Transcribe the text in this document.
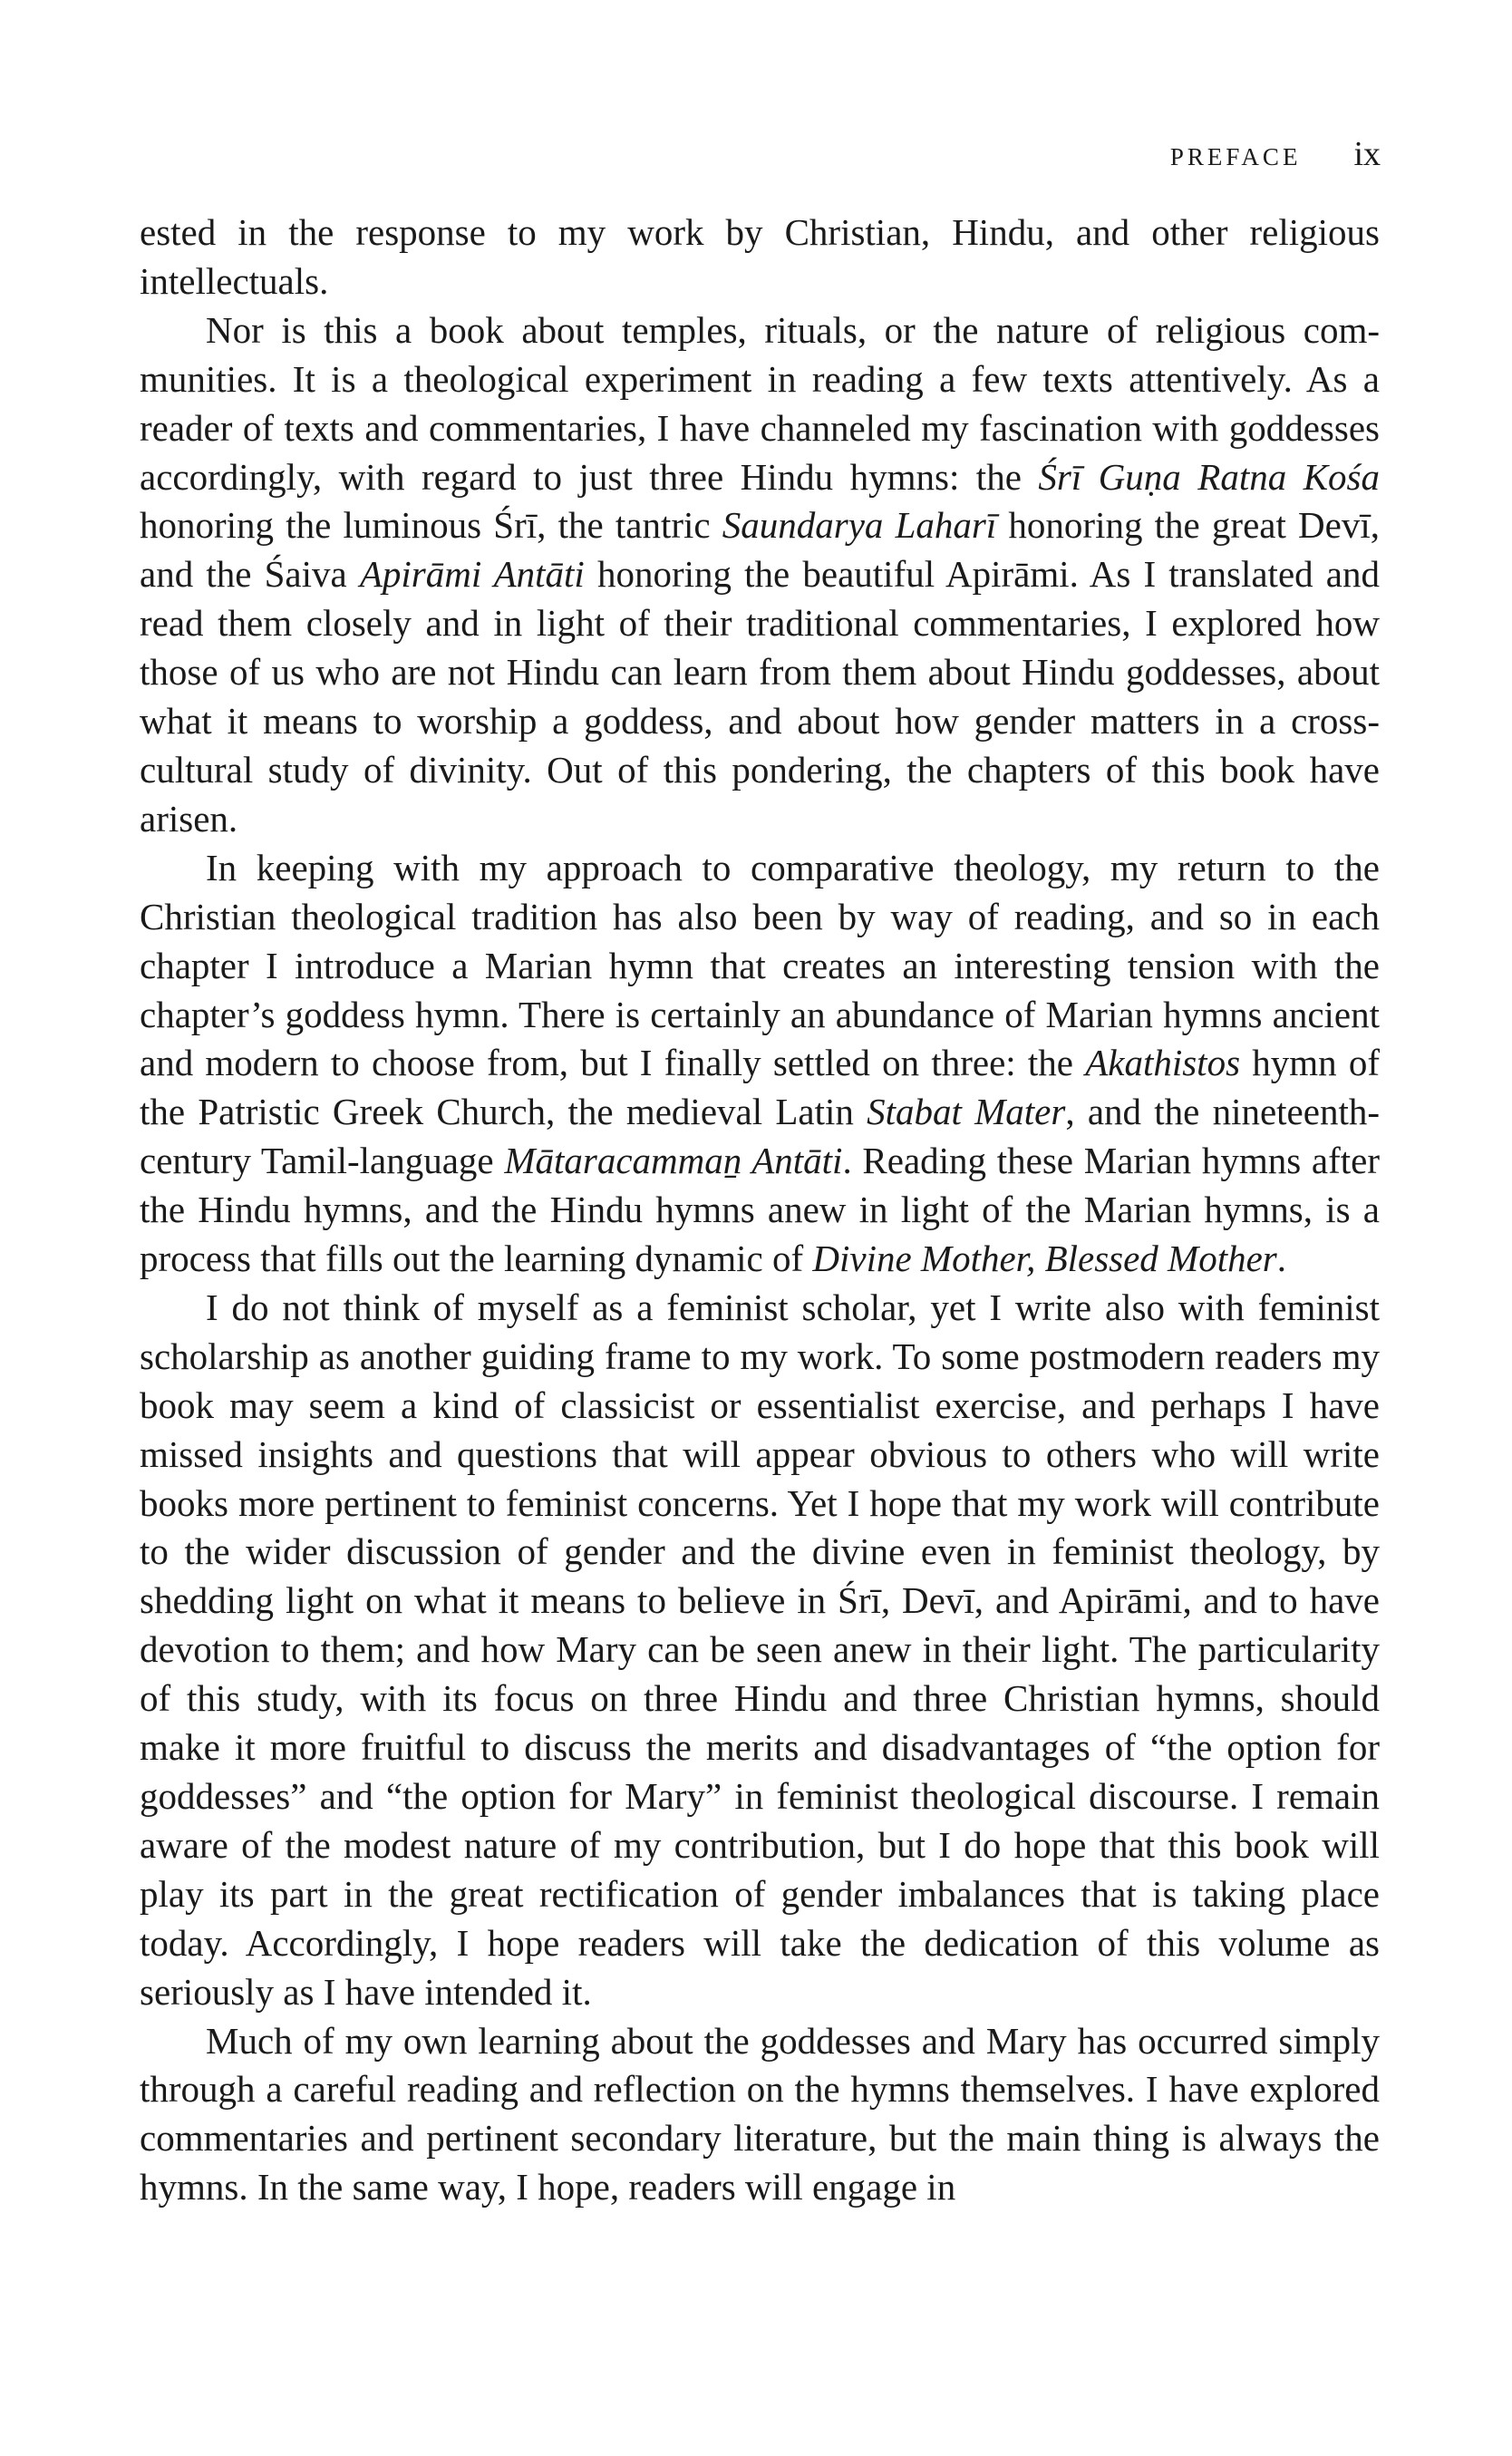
PREFACE ix

ested in the response to my work by Christian, Hindu, and other religious intellectuals.

Nor is this a book about temples, rituals, or the nature of religious communities. It is a theological experiment in reading a few texts attentively. As a reader of texts and commentaries, I have channeled my fascination with goddesses accordingly, with regard to just three Hindu hymns: the Śrī Guṇa Ratna Kośa honoring the luminous Śrī, the tantric Saundarya Laharī honoring the great Devī, and the Śaiva Apirāmi Antāti honoring the beautiful Apirāmi. As I translated and read them closely and in light of their traditional commentaries, I explored how those of us who are not Hindu can learn from them about Hindu goddesses, about what it means to worship a goddess, and about how gender matters in a cross-cultural study of divinity. Out of this pondering, the chapters of this book have arisen.

In keeping with my approach to comparative theology, my return to the Christian theological tradition has also been by way of reading, and so in each chapter I introduce a Marian hymn that creates an interesting tension with the chapter’s goddess hymn. There is certainly an abundance of Marian hymns ancient and modern to choose from, but I finally settled on three: the Akathistos hymn of the Patristic Greek Church, the medieval Latin Stabat Mater, and the nineteenth-century Tamil-language Mātaracammaṉ Antāti. Reading these Marian hymns after the Hindu hymns, and the Hindu hymns anew in light of the Marian hymns, is a process that fills out the learning dynamic of Divine Mother, Blessed Mother.

I do not think of myself as a feminist scholar, yet I write also with feminist scholarship as another guiding frame to my work. To some postmodern readers my book may seem a kind of classicist or essentialist exercise, and perhaps I have missed insights and questions that will appear obvious to others who will write books more pertinent to feminist concerns. Yet I hope that my work will contribute to the wider discussion of gender and the divine even in feminist theology, by shedding light on what it means to believe in Śrī, Devī, and Apirāmi, and to have devotion to them; and how Mary can be seen anew in their light. The particularity of this study, with its focus on three Hindu and three Christian hymns, should make it more fruitful to discuss the merits and disadvantages of “the option for goddesses” and “the option for Mary” in feminist theological discourse. I remain aware of the modest nature of my contribution, but I do hope that this book will play its part in the great rectification of gender imbalances that is taking place today. Accordingly, I hope readers will take the dedication of this volume as seriously as I have intended it.

Much of my own learning about the goddesses and Mary has occurred simply through a careful reading and reflection on the hymns themselves. I have explored commentaries and pertinent secondary literature, but the main thing is always the hymns. In the same way, I hope, readers will engage in
